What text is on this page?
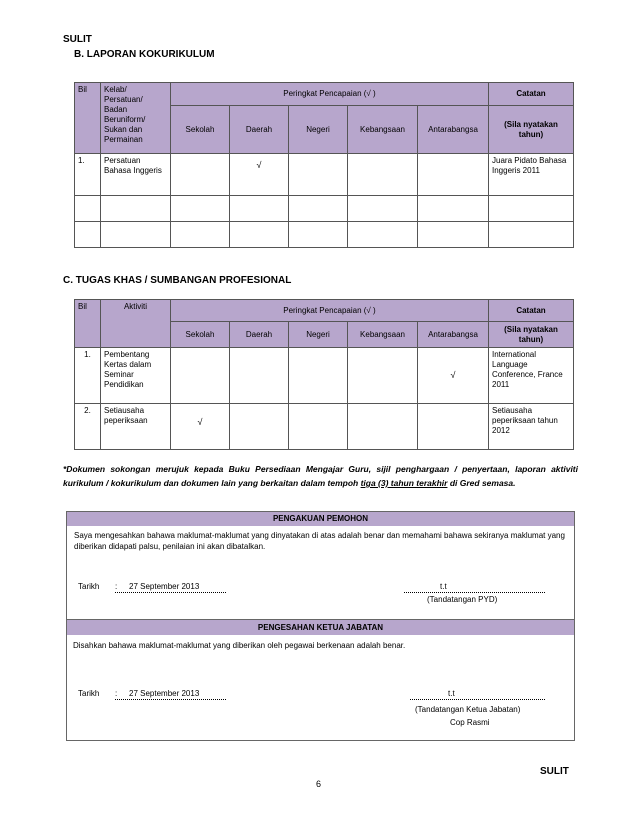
SULIT
B. LAPORAN KOKURIKULUM
Bil	Kelab/ Persatuan/ Badan Beruniform/ Sukan dan Permainan	Peringkat Pencapaian (√ )					Catatan
		Sekolah	Daerah	Negeri	Kebangsaan	Antarabangsa	(Sila nyatakan tahun)
1.	Persatuan Bahasa Inggeris		√				Juara Pidato Bahasa Inggeris 2011

C. TUGAS KHAS / SUMBANGAN PROFESIONAL
Bil	Aktiviti	Peringkat Pencapaian (√ )					Catatan
		Sekolah	Daerah	Negeri	Kebangsaan	Antarabangsa	(Sila nyatakan tahun)
1.	Pembentang Kertas dalam Seminar Pendidikan					√	International Language Conference, France 2011
2.	Setiausaha peperiksaan	√					Setiausaha peperiksaan tahun 2012
*Dokumen sokongan merujuk kepada Buku Persediaan Mengajar Guru, sijil penghargaan / penyertaan, laporan aktiviti kurikulum / kokurikulum dan dokumen lain yang berkaitan dalam tempoh tiga (3) tahun terakhir di Gred semasa.
PENGAKUAN PEMOHON
Saya mengesahkan bahawa maklumat-maklumat yang dinyatakan di atas adalah benar dan memahami bahawa sekiranya maklumat yang diberikan didapati palsu, penilaian ini akan dibatalkan.
Tarikh : 27 September 2013	t.t
(Tandatangan PYD)
PENGESAHAN KETUA JABATAN
Disahkan bahawa maklumat-maklumat yang diberikan oleh pegawai berkenaan adalah benar.
Tarikh : 27 September 2013	t.t
(Tandatangan Ketua Jabatan)
Cop Rasmi
SULIT
6
